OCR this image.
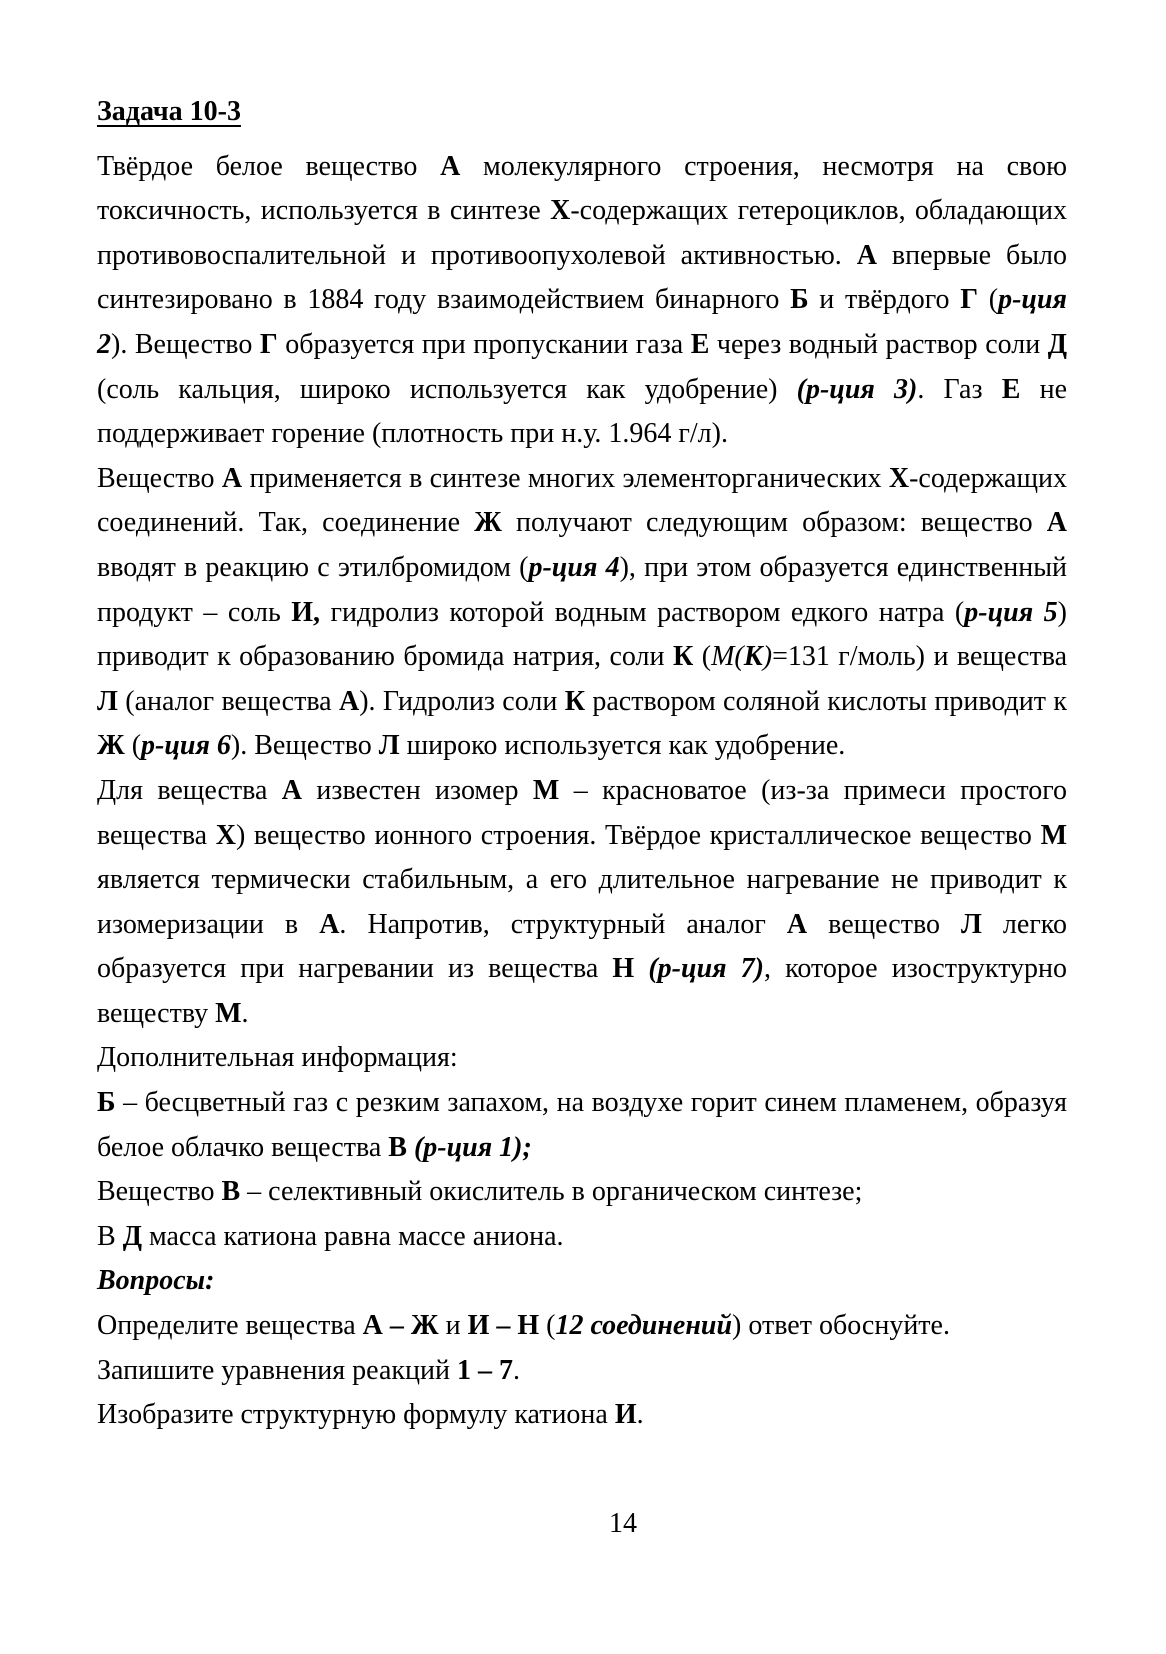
Задача 10-3

Твёрдое белое вещество А молекулярного строения, несмотря на свою токсичность, используется в синтезе Х-содержащих гетероциклов, обладающих противовоспалительной и противоопухолевой активностью. А впервые было синтезировано в 1884 году взаимодействием бинарного Б и твёрдого Г (р-ция 2). Вещество Г образуется при пропускании газа Е через водный раствор соли Д (соль кальция, широко используется как удобрение) (р-ция 3). Газ Е не поддерживает горение (плотность при н.у. 1.964 г/л).

Вещество А применяется в синтезе многих элементорганических Х-содержащих соединений. Так, соединение Ж получают следующим образом: вещество А вводят в реакцию с этилбромидом (р-ция 4), при этом образуется единственный продукт – соль И, гидролиз которой водным раствором едкого натра (р-ция 5) приводит к образованию бромида натрия, соли К (М(К)=131 г/моль) и вещества Л (аналог вещества А). Гидролиз соли К раствором соляной кислоты приводит к Ж (р-ция 6). Вещество Л широко используется как удобрение.

Для вещества А известен изомер М – красноватое (из-за примеси простого вещества Х) вещество ионного строения. Твёрдое кристаллическое вещество М является термически стабильным, а его длительное нагревание не приводит к изомеризации в А. Напротив, структурный аналог А вещество Л легко образуется при нагревании из вещества Н (р-ция 7), которое изоструктурно веществу М.

Дополнительная информация:

Б – бесцветный газ с резким запахом, на воздухе горит синем пламенем, образуя белое облачко вещества В (р-ция 1);

Вещество В – селективный окислитель в органическом синтезе;

В Д масса катиона равна массе аниона.

Вопросы:

Определите вещества А – Ж и И – Н (12 соединений) ответ обоснуйте.

Запишите уравнения реакций 1 – 7.

Изобразите структурную формулу катиона И.

14
